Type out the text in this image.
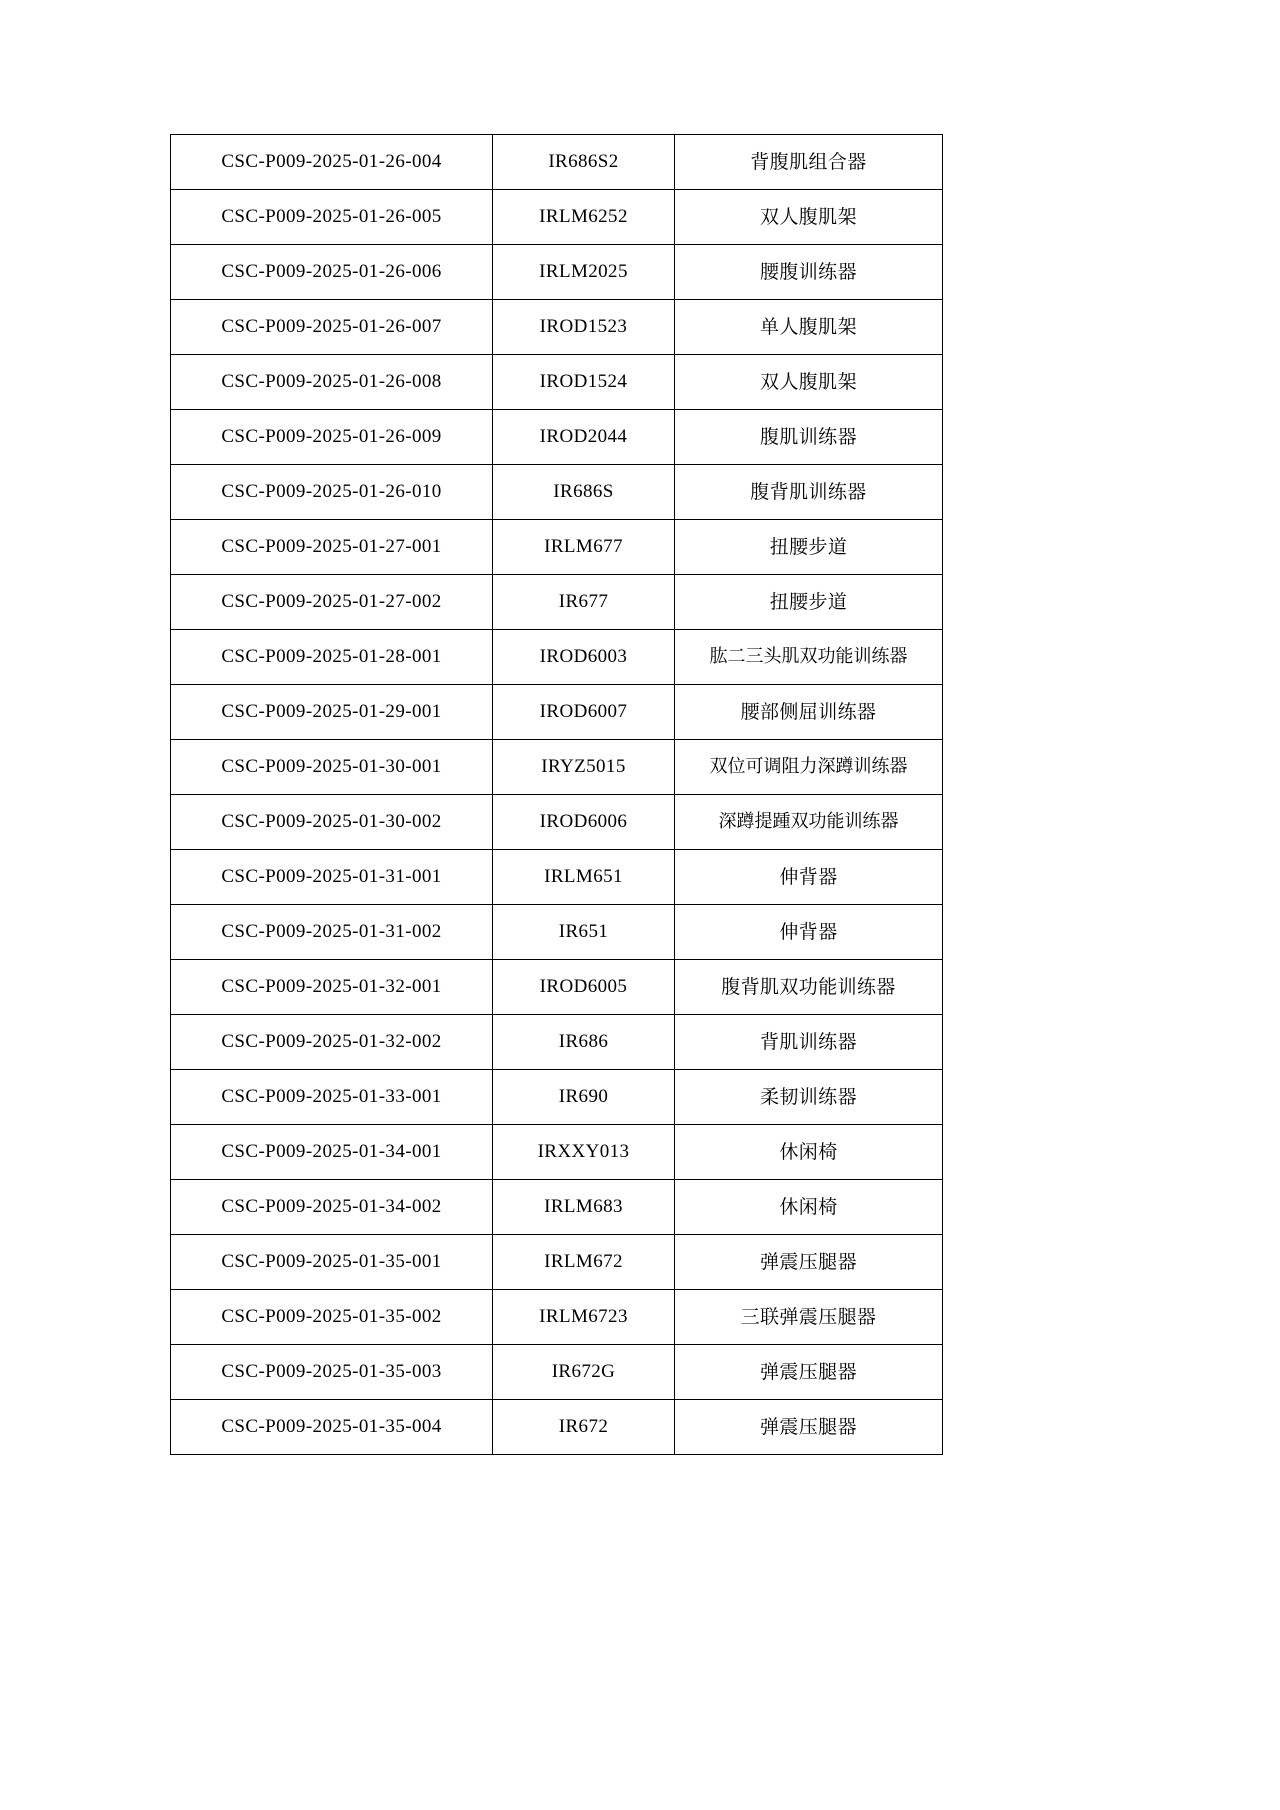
CSC-P009-2025-01-26-004	IR686S2	背腹肌组合器
CSC-P009-2025-01-26-005	IRLM6252	双人腹肌架
CSC-P009-2025-01-26-006	IRLM2025	腰腹训练器
CSC-P009-2025-01-26-007	IROD1523	单人腹肌架
CSC-P009-2025-01-26-008	IROD1524	双人腹肌架
CSC-P009-2025-01-26-009	IROD2044	腹肌训练器
CSC-P009-2025-01-26-010	IR686S	腹背肌训练器
CSC-P009-2025-01-27-001	IRLM677	扭腰步道
CSC-P009-2025-01-27-002	IR677	扭腰步道
CSC-P009-2025-01-28-001	IROD6003	肱二三头肌双功能训练器
CSC-P009-2025-01-29-001	IROD6007	腰部侧屈训练器
CSC-P009-2025-01-30-001	IRYZ5015	双位可调阻力深蹲训练器
CSC-P009-2025-01-30-002	IROD6006	深蹲提踵双功能训练器
CSC-P009-2025-01-31-001	IRLM651	伸背器
CSC-P009-2025-01-31-002	IR651	伸背器
CSC-P009-2025-01-32-001	IROD6005	腹背肌双功能训练器
CSC-P009-2025-01-32-002	IR686	背肌训练器
CSC-P009-2025-01-33-001	IR690	柔韧训练器
CSC-P009-2025-01-34-001	IRXXY013	休闲椅
CSC-P009-2025-01-34-002	IRLM683	休闲椅
CSC-P009-2025-01-35-001	IRLM672	弹震压腿器
CSC-P009-2025-01-35-002	IRLM6723	三联弹震压腿器
CSC-P009-2025-01-35-003	IR672G	弹震压腿器
CSC-P009-2025-01-35-004	IR672	弹震压腿器
